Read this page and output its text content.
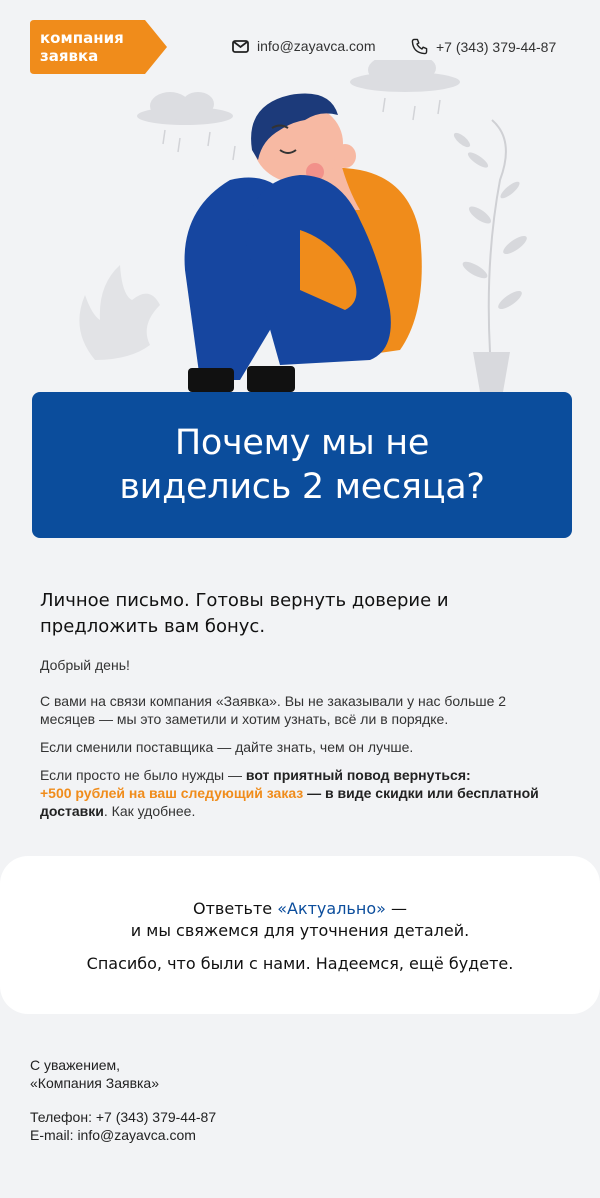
компания
заявка
info@zayavca.com	+7 (343) 379-44-87
Почему мы не
виделись 2 месяца?
Личное письмо. Готовы вернуть доверие и предложить вам бонус.

Добрый день!

С вами на связи компания «Заявка». Вы не заказывали у нас больше 2 месяцев — мы это заметили и хотим узнать, всё ли в порядке.

Если сменили поставщика — дайте знать, чем он лучше.

Если просто не было нужды — вот приятный повод вернуться:
+500 рублей на ваш следующий заказ — в виде скидки или бесплатной доставки. Как удобнее.

Ответьте «Актуально» —
и мы свяжемся для уточнения деталей.
Спасибо, что были с нами. Надеемся, ещё будете.
С уважением,
«Компания Заявка»
Телефон: +7 (343) 379-44-87
E-mail: info@zayavca.com
